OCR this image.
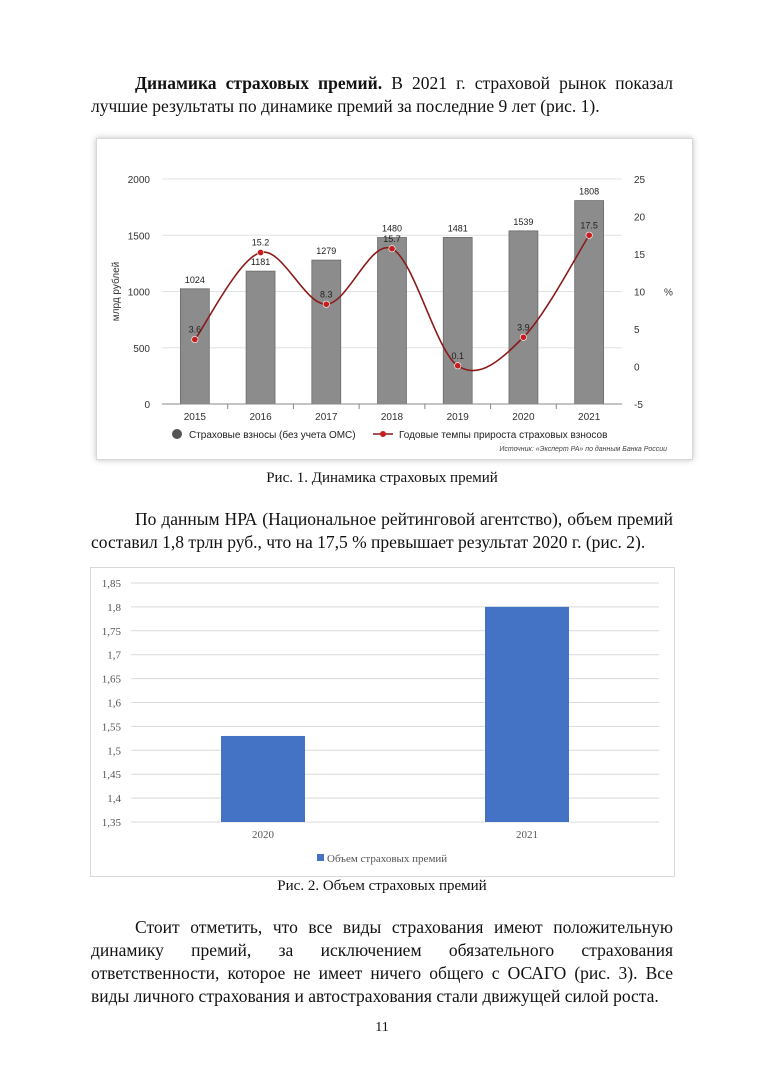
Динамика страховых премий. В 2021 г. страховой рынок показал лучшие результаты по динамике премий за последние 9 лет (рис. 1).

0
500
1000
1500
2000
-5
0
5
10
15
20
25
млрд рублей	%
1024
2015
1181
2016
1279
2017
1480
2018
1481
2019
1539
2020
1808
2021
3.6
15.2
8.3
15.7
0.1
3.9
17.5
Страховые взносы (без учета ОМС)	Годовые темпы прироста страховых взносов
Источник: «Эксперт РА» по данным Банка России
Рис. 1. Динамика страховых премий

По данным НРА (Национальное рейтинговой агентство), объем премий составил 1,8 трлн руб., что на 17,5 % превышает результат 2020 г. (рис. 2).

1,35
1,4
1,45
1,5
1,55
1,6
1,65
1,7
1,75
1,8
1,85
2020	2021
Объем страховых премий
Рис. 2. Объем страховых премий

Стоит отметить, что все виды страхования имеют положительную динамику премий, за исключением обязательного страхования ответственности, которое не имеет ничего общего с ОСАГО (рис. 3). Все виды личного страхования и автострахования стали движущей силой роста.

11
